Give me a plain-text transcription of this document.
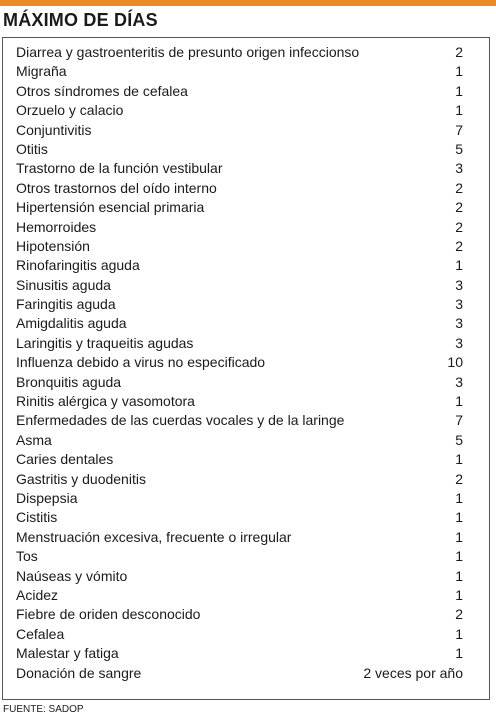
MÁXIMO DE DÍAS
Diarrea y gastroenteritis de presunto origen infeccionso	2
Migraña	1
Otros síndromes de cefalea	1
Orzuelo y calacio	1
Conjuntivitis	7
Otitis	5
Trastorno de la función vestibular	3
Otros trastornos del oído interno	2
Hipertensión esencial primaria	2
Hemorroides	2
Hipotensión	2
Rinofaringitis aguda	1
Sinusitis aguda	3
Faringitis aguda	3
Amigdalitis aguda	3
Laringitis y traqueitis agudas	3
Influenza debido a virus no especificado	10
Bronquitis aguda	3
Rinitis alérgica y vasomotora	1
Enfermedades de las cuerdas vocales y de la laringe	7
Asma	5
Caries dentales	1
Gastritis y duodenitis	2
Dispepsia	1
Cistitis	1
Menstruación excesiva, frecuente o irregular	1
Tos	1
Naúseas y vómito	1
Acidez	1
Fiebre de oriden desconocido	2
Cefalea	1
Malestar y fatiga	1
Donación de sangre	2 veces por año
FUENTE: SADOP
